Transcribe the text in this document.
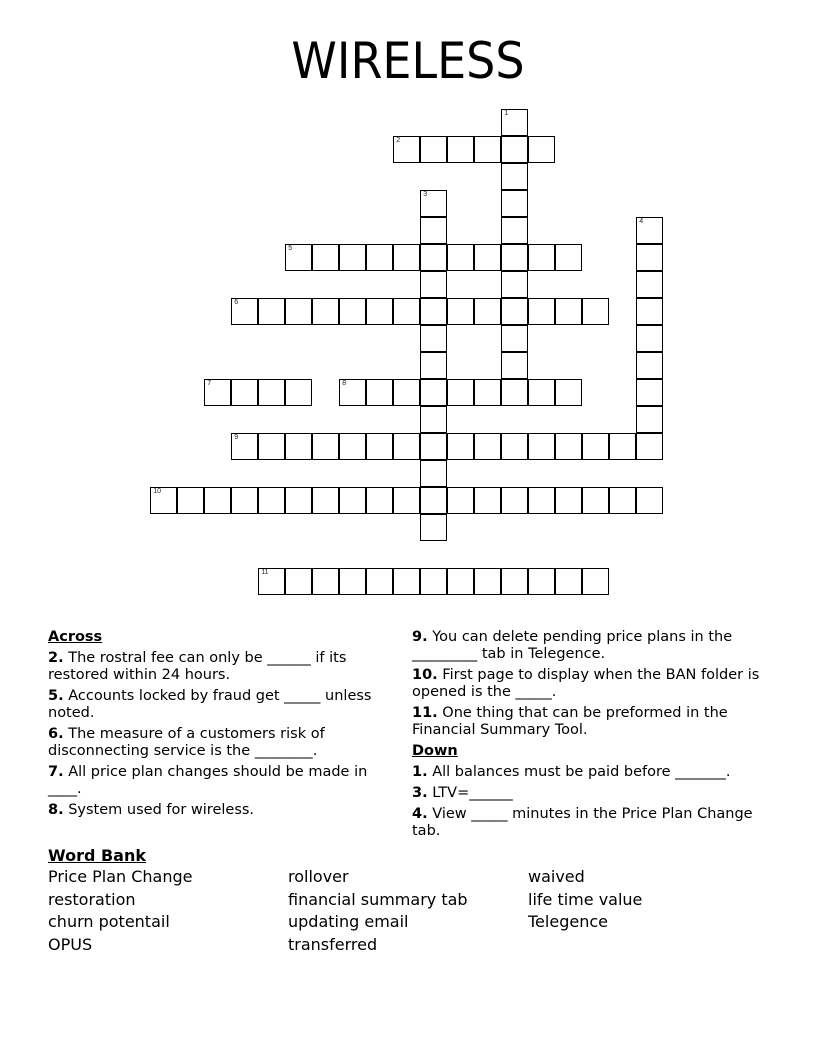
WIRELESS
1
2
3
4
5
6
7	8
9
10
11
Across
2. The rostral fee can only be ______ if its restored within 24 hours.
5. Accounts locked by fraud get _____ unless noted.
6. The measure of a customers risk of disconnecting service is the ________.
7. All price plan changes should be made in ____.
8. System used for wireless.
9. You can delete pending price plans in the _________ tab in Telegence.
10. First page to display when the BAN folder is opened is the _____.
11. One thing that can be preformed in the Financial Summary Tool.
Down
1. All balances must be paid before _______.
3. LTV=______
4. View _____ minutes in the Price Plan Change tab.
Word Bank
Price Plan Change	rollover	waived
restoration	financial summary tab	life time value
churn potentail	updating email	Telegence
OPUS	transferred
